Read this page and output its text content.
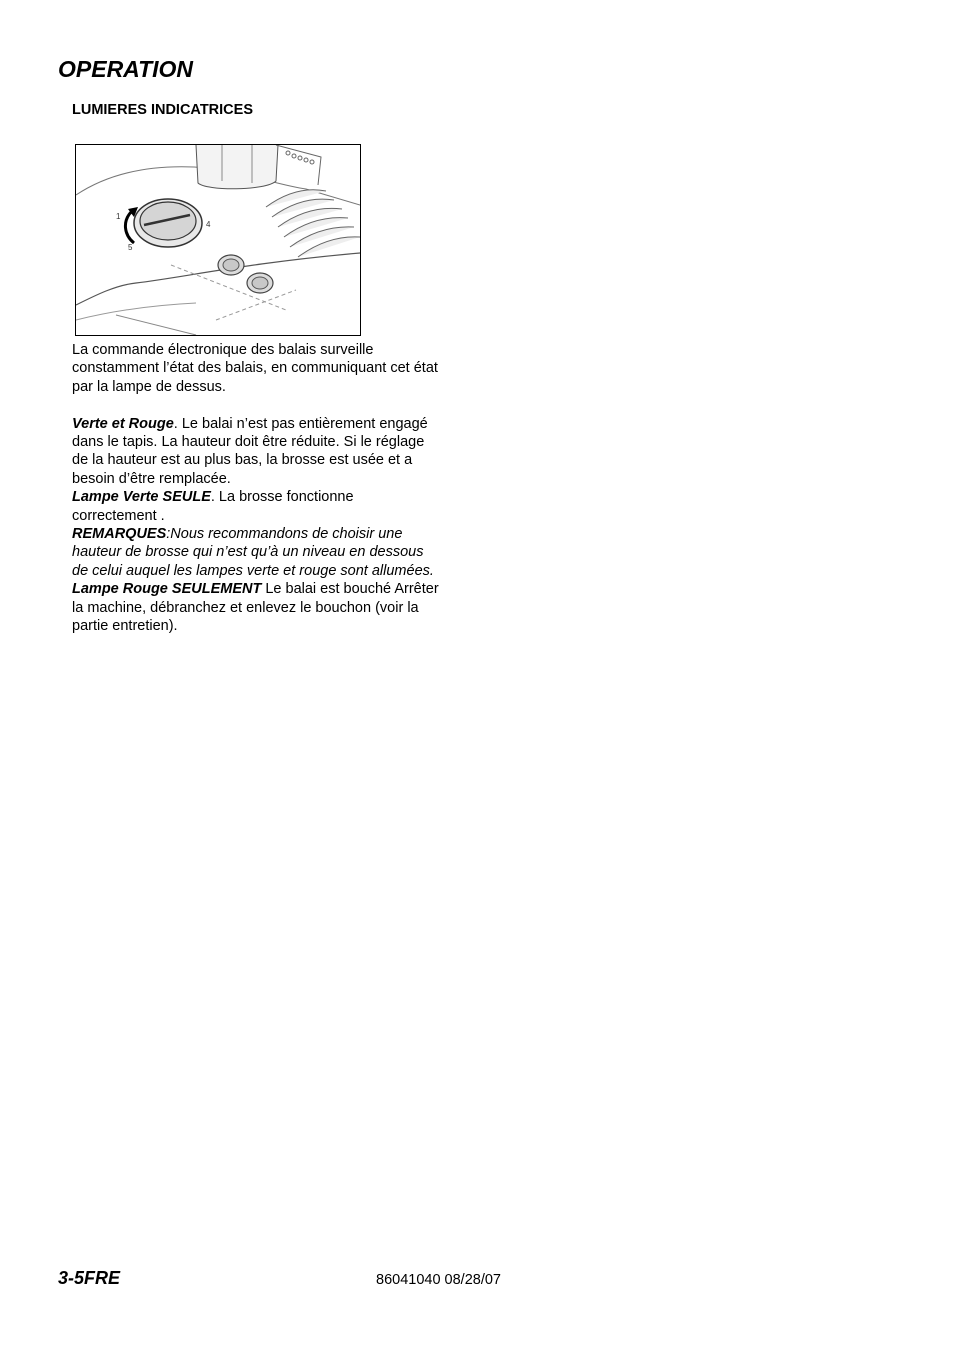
OPERATION
LUMIERES INDICATRICES
1
4
5

La commande électronique des balais surveille constamment l’état des balais, en communiquant cet état par la lampe de dessus.

Verte et Rouge. Le balai n’est pas entièrement engagé dans le tapis. La hauteur doit être réduite. Si le réglage de la hauteur est au plus bas, la brosse est usée et a besoin d’être remplacée.

Lampe Verte SEULE. La brosse fonctionne correctement .

REMARQUES:Nous recommandons de choisir une hauteur de brosse qui n’est qu’à un niveau en dessous de celui auquel les lampes verte et rouge sont allumées.

Lampe Rouge SEULEMENT Le balai est bouché Arrêter la machine, débranchez et enlevez le bouchon (voir la partie entretien).

3-5FRE	86041040 08/28/07
